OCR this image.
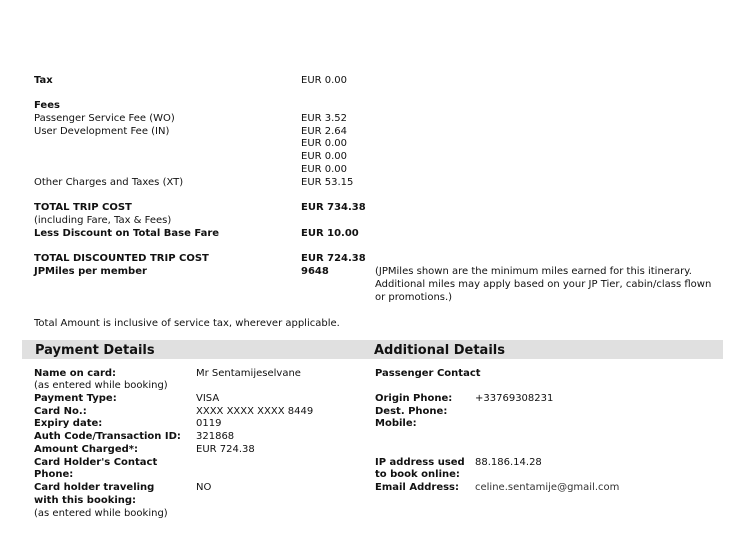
Tax	EUR 0.00
Fees
Passenger Service Fee (WO)	EUR 3.52
User Development Fee (IN)	EUR 2.64
EUR 0.00
EUR 0.00
EUR 0.00
Other Charges and Taxes (XT)	EUR 53.15
TOTAL TRIP COST	EUR 734.38
(including Fare, Tax & Fees)
Less Discount on Total Base Fare	EUR 10.00
TOTAL DISCOUNTED TRIP COST	EUR 724.38
JPMiles per member	9648	(JPMiles shown are the minimum miles earned for this itinerary.
Additional miles may apply based on your JP Tier, cabin/class flown
or promotions.)
Total Amount is inclusive of service tax, wherever applicable.
Payment Details	Additional Details
Name on card:	Mr Sentamijeselvane
(as entered while booking)
Payment Type:	VISA
Card No.:	XXXX XXXX XXXX 8449
Expiry date:	0119
Auth Code/Transaction ID: 321868
Amount Charged*:	EUR 724.38
Card Holder's Contact
Phone:
Card holder traveling	NO
with this booking:
(as entered while booking)
Passenger Contact
Origin Phone: +33769308231
Dest. Phone:
Mobile:
IP address used 88.186.14.28
to book online:
Email Address: celine.sentamije@gmail.com
